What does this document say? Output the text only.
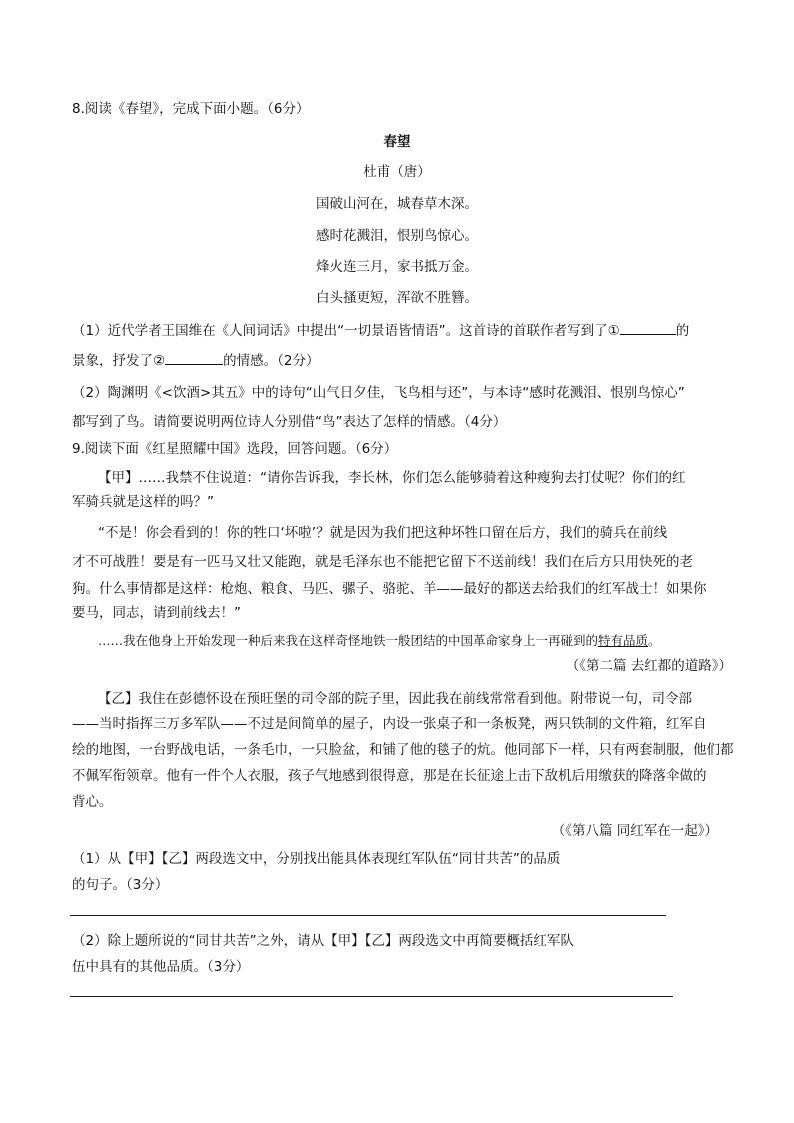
8.阅读《春望》，完成下面小题。（6分）
春望
杜甫（唐）
国破山河在，城春草木深。
感时花溅泪，恨别鸟惊心。
烽火连三月，家书抵万金。
白头搔更短，浑欲不胜簪。
（1）近代学者王国维在《人间词话》中提出“一切景语皆情语”。这首诗的首联作者写到了①	的
景象，抒发了②	的情感。（2分）
（2）陶渊明《<饮酒>其五》中的诗句“山气日夕佳，飞鸟相与还”，与本诗“感时花溅泪、恨别鸟惊心”
都写到了鸟。请简要说明两位诗人分别借“鸟”表达了怎样的情感。（4分）
9.阅读下面《红星照耀中国》选段，回答问题。（6分）
【甲】……我禁不住说道：“请你告诉我，李长林，你们怎么能够骑着这种瘦狗去打仗呢？你们的红
军骑兵就是这样的吗？”
“不是！你会看到的！你的牲口‘坏啦’？就是因为我们把这种坏牲口留在后方，我们的骑兵在前线
才不可战胜！要是有一匹马又壮又能跑，就是毛泽东也不能把它留下不送前线！我们在后方只用快死的老
狗。什么事情都是这样：枪炮、粮食、马匹、骡子、骆驼、羊——最好的都送去给我们的红军战士！如果你
要马，同志，请到前线去！”
……我在他身上开始发现一种后来我在这样奇怪地铁一般团结的中国革命家身上一再碰到的特有品质。
（《第二篇 去红都的道路》）
【乙】我住在彭德怀设在预旺堡的司令部的院子里，因此我在前线常常看到他。附带说一句，司令部
——当时指挥三万多军队——不过是间简单的屋子，内设一张桌子和一条板凳，两只铁制的文件箱，红军自
绘的地图，一台野战电话，一条毛巾，一只脸盆，和铺了他的毯子的炕。他同部下一样，只有两套制服，他们都
不佩军衔领章。他有一件个人衣服，孩子气地感到很得意，那是在长征途上击下敌机后用缴获的降落伞做的
背心。
（《第八篇 同红军在一起》）
（1）从【甲】【乙】两段选文中，分别找出能具体表现红军队伍“同甘共苦”的品质
的句子。（3分）
（2）除上题所说的“同甘共苦”之外，请从【甲】【乙】两段选文中再简要概括红军队
伍中具有的其他品质。（3分）
